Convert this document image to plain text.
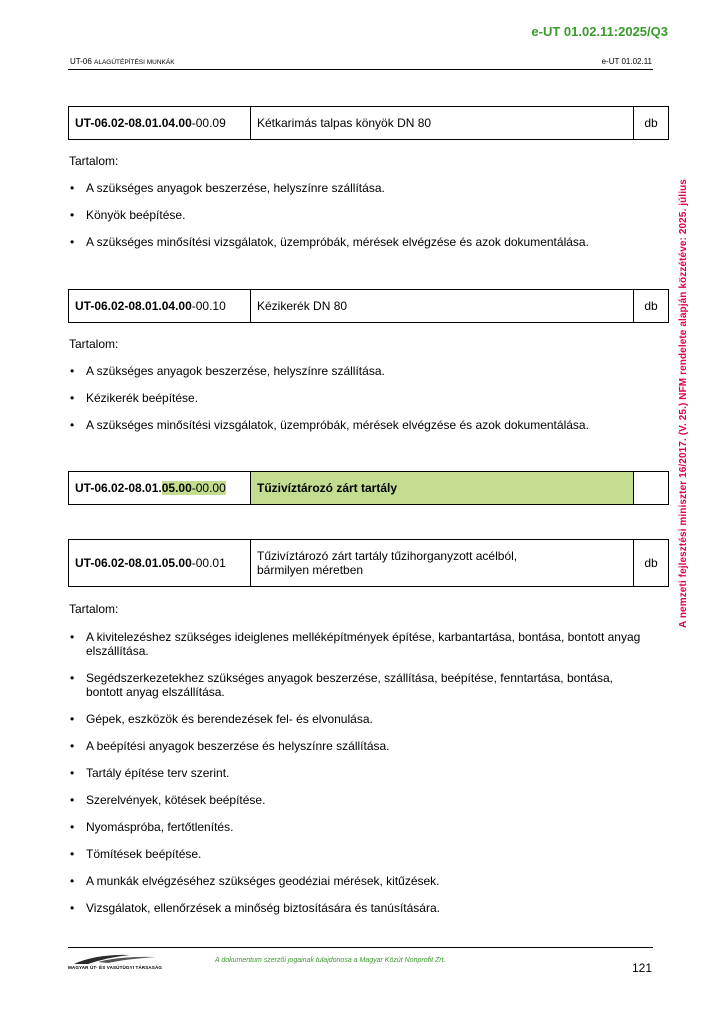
e-UT 01.02.11:2025/Q3
UT-06 ALAGÚTÉPÍTÉSI MUNKÁK	e-UT 01.02.11
A nemzeti fejlesztési miniszter 16/2017. (V. 25.) NFM rendelete alapján közzétéve: 2025. július
UT-06.02-08.01.04.00-00.09	Kétkarimás talpas könyök DN 80	db
Tartalom:
• A szükséges anyagok beszerzése, helyszínre szállítása.
• Könyök beépítése.
• A szükséges minősítési vizsgálatok, üzempróbák, mérések elvégzése és azok dokumentálása.
UT-06.02-08.01.04.00-00.10	Kézikerék DN 80	db
Tartalom:
• A szükséges anyagok beszerzése, helyszínre szállítása.
• Kézikerék beépítése.
• A szükséges minősítési vizsgálatok, üzempróbák, mérések elvégzése és azok dokumentálása.
UT-06.02-08.01.05.00-00.00	Tűzivíztározó zárt tartály	
UT-06.02-08.01.05.00-00.01	Tűzivíztározó zárt tartály tűzihorganyzott acélból,
bármilyen méretben	db
Tartalom:
• A kivitelezéshez szükséges ideiglenes melléképítmények építése, karbantartása, bontása, bontott anyag elszállítása.
• Segédszerkezetekhez szükséges anyagok beszerzése, szállítása, beépítése, fenntartása, bontása, bontott anyag elszállítása.
• Gépek, eszközök és berendezések fel- és elvonulása.
• A beépítési anyagok beszerzése és helyszínre szállítása.
• Tartály építése terv szerint.
• Szerelvények, kötések beépítése.
• Nyomáspróba, fertőtlenítés.
• Tömítések beépítése.
• A munkák elvégzéséhez szükséges geodéziai mérések, kitűzések.
• Vizsgálatok, ellenőrzések a minőség biztosítására és tanúsítására.
MAGYAR ÚT- ÉS VASÚTÜGYI TÁRSASÁG
A dokumentum szerzői jogainak tulajdonosa a Magyar Közút Nonprofit Zrt.
121
